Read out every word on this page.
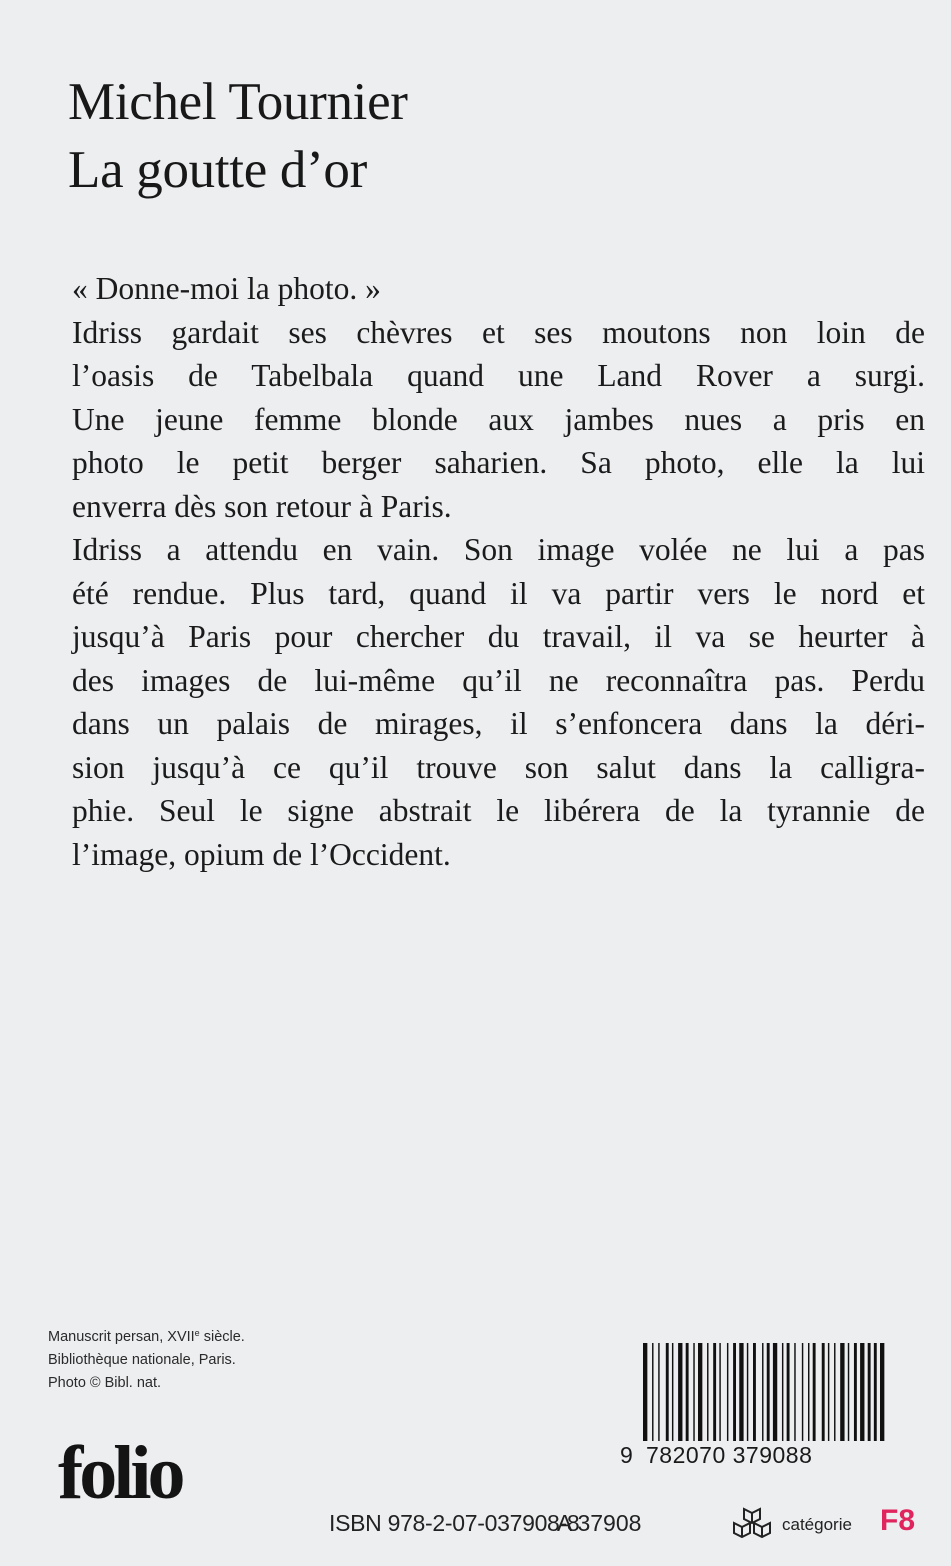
Michel Tournier
La goutte d’or
« Donne-moi la photo. »
Idriss gardait ses chèvres et ses moutons non loin de
l’oasis de Tabelbala quand une Land Rover a surgi.
Une jeune femme blonde aux jambes nues a pris en
photo le petit berger saharien. Sa photo, elle la lui
enverra dès son retour à Paris.
Idriss a attendu en vain. Son image volée ne lui a pas
été rendue. Plus tard, quand il va partir vers le nord et
jusqu’à Paris pour chercher du travail, il va se heurter à
des images de lui-même qu’il ne reconnaîtra pas. Perdu
dans un palais de mirages, il s’enfoncera dans la déri-
sion jusqu’à ce qu’il trouve son salut dans la calligra-
phie. Seul le signe abstrait le libérera de la tyrannie de
l’image, opium de l’Occident.
Manuscrit persan, XVIIe siècle.
Bibliothèque nationale, Paris.
Photo © Bibl. nat.
9 782070 379088
folio
ISBN 978-2-07-037908-8
A 37908	catégorie F8
